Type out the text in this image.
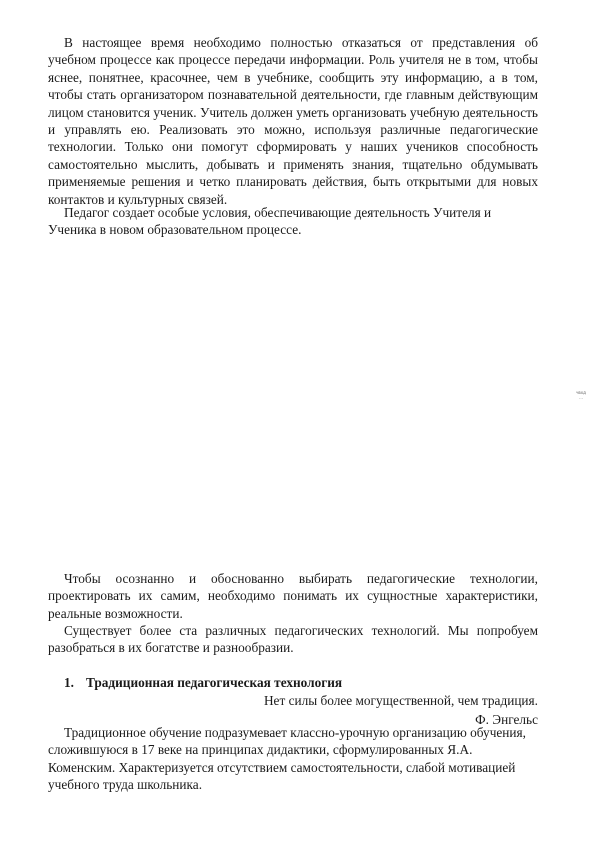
В настоящее время необходимо полностью отказаться от представления об учебном процессе как процессе передачи информации. Роль учителя не в том, чтобы яснее, понятнее, красочнее, чем в учебнике, сообщить эту информацию, а в том, чтобы стать организатором познавательной деятельности, где главным действующим лицом становится ученик. Учитель должен уметь организовать учебную деятельность и управлять ею. Реализовать это можно, используя различные педагогические технологии. Только они помогут сформировать у наших учеников способность самостоятельно мыслить, добывать и применять знания, тщательно обдумывать применяемые решения и четко планировать действия, быть открытыми для новых контактов и культурных связей.

Педагог создает особые условия, обеспечивающие деятельность Учителя и Ученика в новом образовательном процессе.

чвхд
...

Чтобы осознанно и обоснованно выбирать педагогические технологии, проектировать их самим, необходимо понимать их сущностные характеристики, реальные возможности.

Существует более ста различных педагогических технологий. Мы попробуем разобраться в их богатстве и разнообразии.

1. Традиционная педагогическая технология

Нет силы более могущественной, чем традиция.

Ф. Энгельс

Традиционное обучение подразумевает классно-урочную организацию обучения, сложившуюся в 17 веке на принципах дидактики, сформулированных Я.А. Коменским. Характеризуется отсутствием самостоятельности, слабой мотивацией учебного труда школьника.
